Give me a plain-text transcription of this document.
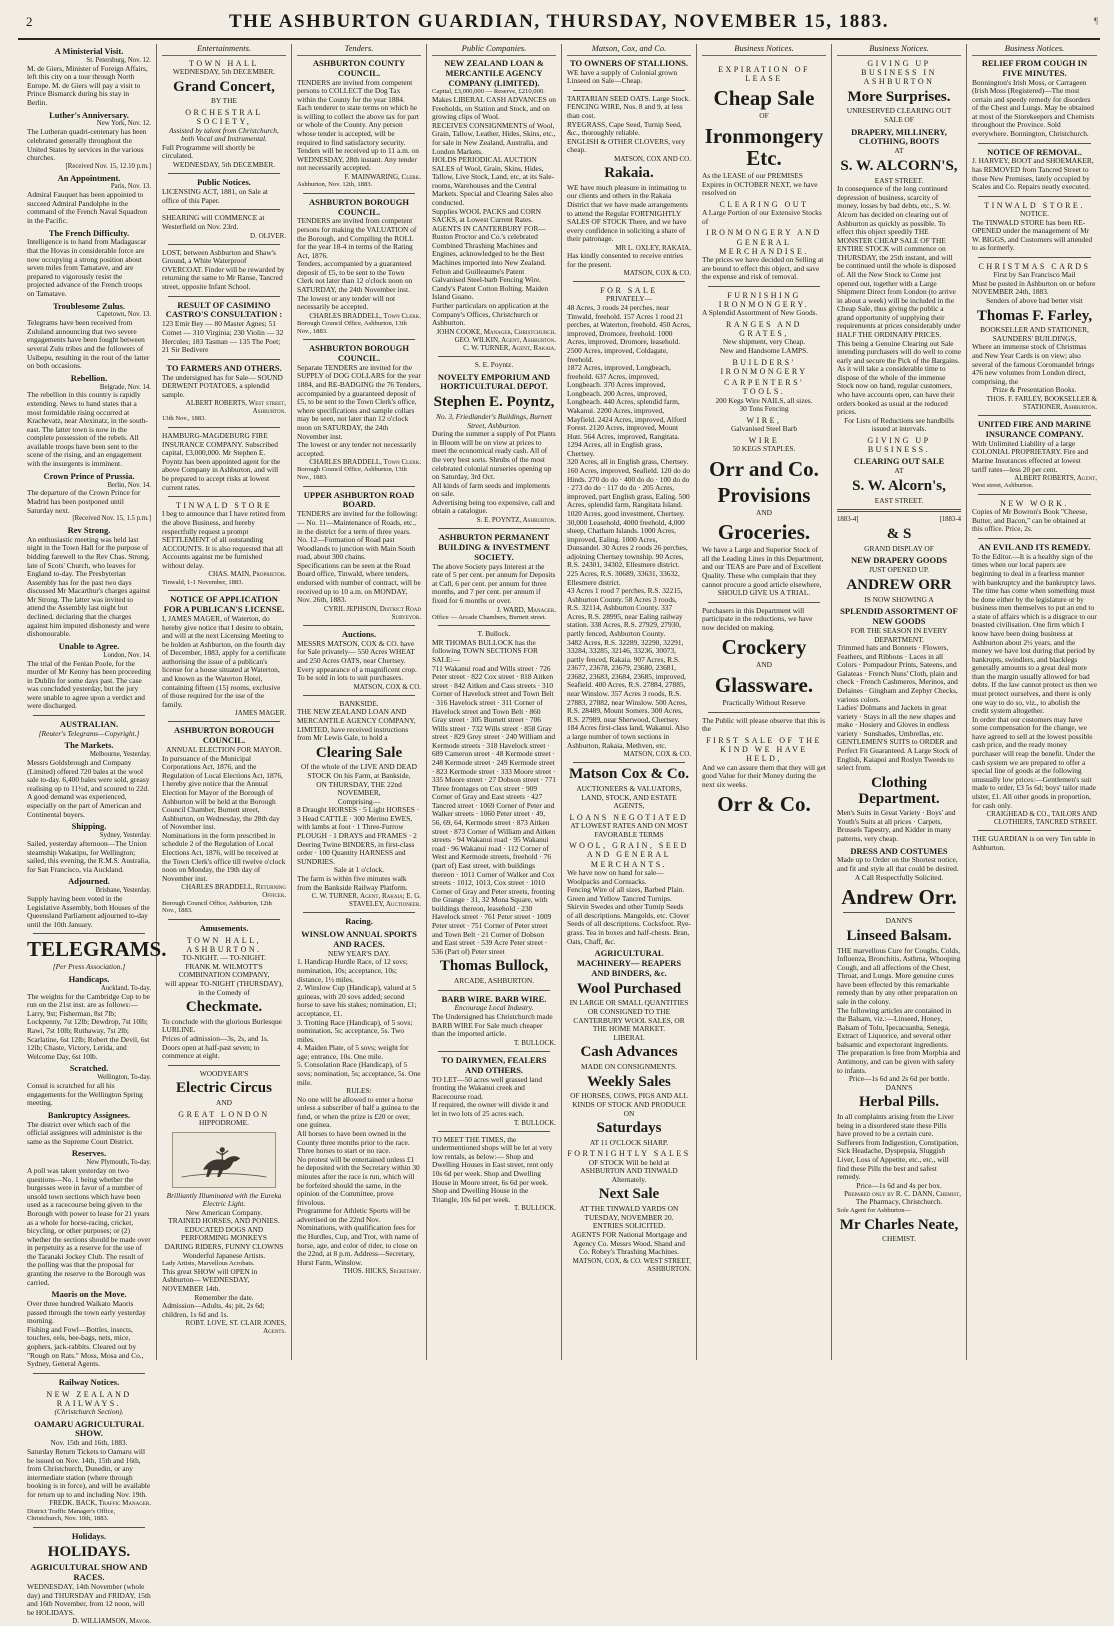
2	THE ASHBURTON GUARDIAN, THURSDAY, NOVEMBER 15, 1883.	¶
A Ministerial Visit.
St. Petersburg, Nov. 12.
M. de Giers, Minister of Foreign Affairs, left this city on a tour through North Europe. M. de Giers will pay a visit to Prince Bismarck during his stay in Berlin.
Luther's Anniversary.
New York, Nov. 12.
The Lutheran quadri-centenary has been celebrated generally throughout the United States by services in the various churches.
[Received Nov. 15, 12.10 p.m.]
An Appointment.
Paris, Nov. 13.
Admiral Fauquet has been appointed to succeed Admiral Pandolphe in the command of the French Naval Squadron in the Pacific.
The French Difficulty.
Intelligence is to hand from Madagascar that the Hovas in considerable force are now occupying a strong position about seven miles from Tamatave, and are prepared to vigorously resist the projected advance of the French troops on Tamatave.
Troublesome Zulus.
Capetown, Nov. 13.
Telegrams have been received from Zululand announcing that two severe engagements have been fought between several Zulu tribes and the followers of Usibepu, resulting in the rout of the latter on both occasions.
Rebellion.
Belgrade, Nov. 14.
The rebellion in this country is rapidly extending. News to hand states that a most formidable rising occurred at Krachevatz, near Alexinatz, in the south-east. The latter town is now in the complete possession of the rebels. All available troops have been sent to the scene of the rising, and an engagement with the insurgents is imminent.
Crown Prince of Prussia.
Berlin, Nov. 14.
The departure of the Crown Prince for Madrid has been postponed until Saturday next.
[Received Nov. 15, 1.5 p.m.]
Rev Strong.
An enthusiastic meeting was held last night in the Town Hall for the purpose of bidding farewell to the Rev Chas. Strong, late of Scots' Church, who leaves for England to-day. The Presbyterian Assembly has for the past two days discussed Mr Macarthur's charges against Mr Strong. The latter was invited to attend the Assembly last night but declined, declaring that the charges against him imputed dishonesty and were dishonourable.
Unable to Agree.
London, Nov. 14.
The trial of the Fenian Poole, for the murder of Mr Kenny has been proceeding in Dublin for some days past. The case was concluded yesterday, but the jury were unable to agree upon a verdict and were discharged.
AUSTRALIAN.
[Reuter's Telegrams—Copyright.]
The Markets.
Melbourne, Yesterday.
Messrs Goldsbrough and Company (Limited) offered 720 bales at the wool sale to-day. 6,400 bales were sold, greasy realising up to 11½d, and scoured to 22d. A good demand was experienced, especially on the part of American and Continental buyers.
Shipping.
Sydney, Yesterday.
Sailed, yesterday afternoon—The Union steamship Wakatipu, for Wellington; sailed, this evening, the R.M.S. Australia, for San Francisco, via Auckland.
Adjourned.
Brisbane, Yesterday.
Supply having been voted in the Legislative Assembly, both Houses of the Queensland Parliament adjourned to-day until the 10th January.
TELEGRAMS.
[Per Press Association.]
Handicaps.
Auckland, To-day.
The weights for the Cambridge Cup to be run on the 21st inst. are as follows:— Larry, 9st; Fisherman, 8st 7lb; Lockpenny, 7st 12lb; Dewdrop, 7st 10lb; Rawi, 7st 10lb; Ruthaway, 7st 2lb; Scarlatine, 6st 12lb; Robert the Devil, 6st 12lb; Chaste, Victory, Lerida, and Welcome Day, 6st 10lb.
Scratched.
Wellington, To-day.
Consul is scratched for all his engagements for the Wellington Spring meeting.
Bankruptcy Assignees.
The district over which each of the official assignees will administer is the same as the Supreme Court District.
Reserves.
New Plymouth, To-day.
A poll was taken yesterday on two questions—No. 1 being whether the burgesses were in favor of a number of unsold town sections which have been used as a racecourse being given to the Borough with power to lease for 21 years as a whole for horse-racing, cricket, bicycling, or other purposes; or (2) whether the sections should be made over in perpetuity as a reserve for the use of the Taranaki Jockey Club. The result of the polling was that the proposal for granting the reserve to the Borough was carried.
Maoris on the Move.
Over three hundred Waikato Maoris passed through the town early yesterday morning.
Fishing and Fowl—Bottles, insects, touches, eels, bee-bags, nets, mice, gophers, jack-rabbits. Cleared out by "Rough on Rats." Moss, Mosa and Co., Sydney, General Agents.
Railway Notices.
NEW ZEALAND RAILWAYS.
(Christchurch Section).
OAMARU AGRICULTURAL SHOW.
Nov. 15th and 16th, 1883.
Saturday Return Tickets to Oamaru will be issued on Nov. 14th, 15th and 16th, from Christchurch, Dunedin, or any intermediate station (where through booking is in force), and will be available for return up to and including Nov. 19th.
FREDK. BACK, Traffic Manager.
District Traffic Manager's Office, Christchurch, Nov. 10th, 1883.
Holidays.
HOLIDAYS.
AGRICULTURAL SHOW AND RACES.
WEDNESDAY, 14th November (whole day) and THURSDAY and FRIDAY, 15th and 16th November, from 12 noon, will be HOLIDAYS.
D. WILLIAMSON, Mayor.
Entertainments.
TOWN HALL
WEDNESDAY, 5th DECEMBER.
Grand Concert,
BY THE
ORCHESTRAL SOCIETY,
Assisted by talent from Christchurch, both Vocal and Instrumental.
Full Programme will shortly be circulated.
WEDNESDAY, 5th DECEMBER.
Public Notices.
LICENSING ACT, 1881, on Sale at office of this Paper.
SHEARING will COMMENCE at Westerfield on Nov. 23rd.
D. OLIVER.
LOST, between Ashburton and Shaw's Ground, a White Waterproof OVERCOAT. Finder will be rewarded by returning the same to Mr Ranse, Tancred street, opposite Infant School.
RESULT OF CASIMINO CASTRO'S CONSULTATION :
123 Emir Bey — 80 Master Agnes; 51 Comet — 310 Virginia; 230 Violin — 32 Hercules; 183 Tasman — 135 The Poet; 21 Sir Bedivere
TO FARMERS AND OTHERS.
The undersigned has for Sale— SOUND DERWENT POTATOES, a splendid sample.
ALBERT ROBERTS, West street, Ashburton.
13th Nov., 1883.
HAMBURG-MAGDEBURG FIRE INSURANCE COMPANY. Subscribed capital, £3,000,000. Mr Stephen E. Poyntz has been appointed agent for the above Company in Ashburton, and will be prepared to accept risks at lowest current rates.
TINWALD STORE
I beg to announce that I have retired from the above Business, and hereby respectfully request a prompt SETTLEMENT of all outstanding ACCOUNTS. It is also requested that all Accounts against me be furnished without delay.
CHAS. MAIN, Proprietor.
Tinwald, 1-1 November, 1883.
NOTICE OF APPLICATION FOR A PUBLICAN'S LICENSE.
I, JAMES MAGER, of Waterton, do hereby give notice that I desire to obtain, and will at the next Licensing Meeting to be holden at Ashburton, on the fourth day of December, 1883, apply for a certificate authorising the issue of a publican's license for a house situated at Waterton, and known as the Waterton Hotel, containing fifteen (15) rooms, exclusive of those required for the use of the family.
JAMES MAGER.
ASHBURTON BOROUGH COUNCIL.
ANNUAL ELECTION FOR MAYOR.
In pursuance of the Municipal Corporations Act, 1876, and the Regulation of Local Elections Act, 1876, I hereby give notice that the Annual Election for Mayor of the Borough of Ashburton will be held at the Borough Council Chamber, Burnett street, Ashburton, on Wednesday, the 28th day of November inst.
Nominations in the form prescribed in schedule 2 of the Regulation of Local Elections Act, 1876, will be received at the Town Clerk's office till twelve o'clock noon on Monday, the 19th day of November inst.
CHARLES BRADDELL, Returning Officer.
Borough Council Office, Ashburton, 12th Nov., 1883.
Amusements.
TOWN HALL, ASHBURTON.
TO-NIGHT. — TO-NIGHT.
FRANK M. WILMOTT'S COMBINATION COMPANY,
will appear TO-NIGHT (THURSDAY), in the Comedy of
Checkmate.
To conclude with the glorious Burlesque LURLINE.
Prices of admission—3s, 2s, and 1s.
Doors open at half-past seven; to commence at eight.
WOODYEAR'S
Electric Circus
AND
GREAT LONDON
HIPPODROME.
Brilliantly Illuminated with the Eureka Electric Light.
New American Company.
TRAINED HORSES, AND PONIES.
EDUCATED DOGS AND PERFORMING MONKEYS
DARING RIDERS, FUNNY CLOWNS
Wonderful Japanese Artists.
Lady Artists, Marvellous Acrobats.
This great SHOW will OPEN in Ashburton— WEDNESDAY, NOVEMBER 14th.
Remember the date.
Admission—Adults, 4s; pit, 2s 6d; children, 1s 6d and 1s.
ROBT. LOVE, ST. CLAIR JONES, Agents.
Tenders.
ASHBURTON COUNTY COUNCIL.
TENDERS are invited from competent persons to COLLECT the Dog Tax within the County for the year 1884. Each tenderer to state terms on which he is willing to collect the above tax for part or whole of the County. Any person whose tender is accepted, will be required to find satisfactory security.
Tenders will be received up to 11 a.m. on WEDNESDAY, 28th instant. Any tender not necessarily accepted.
F. MAINWARING, Clerk.
Ashburton, Nov. 12th, 1883.
ASHBURTON BOROUGH COUNCIL.
TENDERS are invited from competent persons for making the VALUATION of the Borough, and Compiling the ROLL for the year 18-4 in terms of the Rating Act, 1876.
Tenders, accompanied by a guaranteed deposit of £5, to be sent to the Town Clerk not later than 12 o'clock noon on SATURDAY, the 24th November inst.
The lowest or any tender will not necessarily be accepted.
CHARLES BRADDELL, Town Clerk.
Borough Council Office, Ashburton, 13th Nov., 1883.
ASHBURTON BOROUGH COUNCIL.
Separate TENDERS are invited for the SUPPLY of DOG COLLARS for the year 1884, and RE-BADGING the 76 Tenders, accompanied by a guaranteed deposit of £5, to be sent to the Town Clerk's office, where specifications and sample collars may be seen, not later than 12 o'clock noon on SATURDAY, the 24th November inst.
The lowest or any tender not necessarily accepted.
CHARLES BRADDELL, Town Clerk.
Borough Council Office, Ashburton, 13th Nov., 1883.
UPPER ASHBURTON ROAD BOARD.
TENDERS are invited for the following:— No. 11—Maintenance of Roads, etc., in the district for a term of three years.
No. 12—Formation of Road past Woodlands to junction with Main South road, about 300 chains.
Specifications can be seen at the Road Board office, Tinwald, where tenders, endorsed with number of contract, will be received up to 10 a.m. on MONDAY, Nov. 26th, 1883.
CYRIL JEPHSON, District Road Surveyor.
Auctions.
MESSRS MATSON, COX & CO. have for Sale privately— 550 Acres WHEAT and 250 Acres OATS, near Chertsey.
Every appearance of a magnificent crop.
To be sold in lots to suit purchasers.
MATSON, COX & CO.
BANKSIDE.
THE NEW ZEALAND LOAN AND MERCANTILE AGENCY COMPANY, LIMITED, have received instructions from Mr Lewis Gale, to hold a
Clearing Sale
Of the whole of the LIVE AND DEAD STOCK On his Farm, at Bankside,
ON THURSDAY, THE 22nd NOVEMBER,
Comprising—
8 Draught HORSES · 5 Light HORSES · 3 Head CATTLE · 300 Merino EWES, with lambs at foot · 1 Three-Furrow PLOUGH · 1 DRAYS and FRAMES · 2 Deering Twine BINDERS, in first-class order · 100 Quantity HARNESS and SUNDRIES.
Sale at 1 o'clock.
The farm is within five minutes walk from the Bankside Railway Platform.
C. W. TURNER, Agent, Rakaia; E. G. STAVELEY, Auctioneer.
Racing.
WINSLOW ANNUAL SPORTS AND RACES.
NEW YEAR'S DAY.
1. Handicap Hurdle Race, of 12 sovs; nomination, 10s; acceptance, 10s; distance, 1½ miles.
2. Winslow Cup (Handicap), valued at 5 guineas, with 20 sovs added; second horse to save his stakes; nomination, £1; acceptance, £1.
3. Trotting Race (Handicap), of 5 sovs; nomination, 5s; acceptance, 5s. Two miles.
4. Maiden Plate, of 5 sovs; weight for age; entrance, 10s. One mile.
5. Consolation Race (Handicap), of 5 sovs; nomination, 5s; acceptance, 5s. One mile.
RULES:
No one will be allowed to enter a horse unless a subscriber of half a guinea to the fund, or when the prize is £20 or over, one guinea.
All horses to have been owned in the County three months prior to the race. Three horses to start or no race.
No protest will be entertained unless £1 be deposited with the Secretary within 30 minutes after the race is run, which will be forfeited should the same, in the opinion of the Committee, prove frivolous.
Programme for Athletic Sports will be advertised on the 22nd Nov.
Nominations, with qualification fees for the Hurdles, Cup, and Trot, with name of horse, age, and color of rider, to close on the 22nd, at 8 p.m. Address—Secretary, Hurst Farm, Winslow.
THOS. HICKS, Secretary.
Public Companies.
NEW ZEALAND LOAN & MERCANTILE AGENCY COMPANY (LIMITED).
Capital, £3,000,000 — Reserve, £210,000.
Makes LIBERAL CASH ADVANCES on Freeholds, on Station and Stock, and on growing clips of Wool.
RECEIVES CONSIGNMENTS of Wool, Grain, Tallow, Leather, Hides, Skins, etc., for sale in New Zealand, Australia, and London Markets.
HOLDS PERIODICAL AUCTION SALES of Wool, Grain, Skins, Hides, Tallow, Live Stock, Land, etc, at its Sale-rooms, Warehouses and the Central Markets. Special and Clearing Sales also conducted.
Supplies WOOL PACKS and CORN SACKS, at Lowest Current Rates.
AGENTS IN CANTERBURY FOR— Ruston Proctor and Co.'s celebrated Combined Thrashing Machines and Engines, acknowledged to be the Best Machines imported into New Zealand.
Felton and Guilleaume's Patent Galvanised Steel-barb Fencing Wire.
Candy's Patent Cotton Bolting. Maiden Island Guano.
Further particulars on application at the Company's Offices, Christchurch or Ashburton.
JOHN COOKE, Manager, Christchurch.
GEO. WILKIN, Agent, Ashburton.
C. W. TURNER, Agent, Rakaia.
S. E. Poyntz.
NOVELTY EMPORIUM AND HORTICULTURAL DEPOT.
Stephen E. Poyntz,
No. 3, Friedlander's Buildings, Burnett Street, Ashburton.
During the summer a supply of Pot Plants in Bloom will be on view at prices to meet the economical ready cash. All of the very best sorts. Shrubs of the most celebrated colonial nurseries opening up on Saturday, 3rd Oct.
All kinds of farm seeds and implements on sale.
Advertising being too expensive, call and obtain a catalogue.
S. E. POYNTZ, Ashburton.
ASHBURTON PERMANENT BUILDING & INVESTMENT SOCIETY.
The above Society pays Interest at the rate of 5 per cent. per annum for Deposits at Call, 6 per cent. per annum for three months, and 7 per cent. per annum if fixed for 6 months or over.
J. WARD, Manager.
Office — Arcade Chambers, Burnett street.
T. Bullock.
MR THOMAS BULLOCK has the following TOWN SECTIONS FOR SALE:—
711 Wakanui road and Wills street · 726 Peter street · 822 Cox street · 818 Aitken street · 842 Aitken and Cass streets · 310 Corner of Havelock street and Town Belt · 316 Havelock street · 311 Corner of Havelock street and Town Belt · 860 Gray street · 305 Burnett street · 706 Wills street · 732 Wills street · 858 Gray street · 829 Grey street · 240 William and Kermode streets · 318 Havelock street · 689 Cameron street · 48 Kermode street · 248 Kermode street · 249 Kermode street · 823 Kermode street · 333 Moore street · 335 Moore street · 27 Dobson street · 771 Three frontages on Cox street · 909 Corner of Gray and East streets · 427 Tancred street · 1069 Corner of Peter and Walker streets · 1060 Peter street · 49, 56, 69, 64, Kermode street · 873 Aitken street · 873 Corner of William and Aitken streets · 94 Wakanui road · 95 Wakanui road · 96 Wakanui road · 112 Corner of West and Kermode streets, freehold · 76 (part of) East street, with buildings thereon · 1011 Corner of Walker and Cox streets · 1012, 1013, Cox street · 1010 Corner of Gray and Peter streets, fronting the Grange · 31, 32 Mona Square, with buildings thereon, leasehold · 230 Havelock street · 761 Peter street · 1009 Peter street · 751 Corner of Peter street and Town Belt · 21 Corner of Dobson and East street · 539 Acre Peter street · 536 (Part of) Peter street
Thomas Bullock,
ARCADE, ASHBURTON.
BARB WIRE. BARB WIRE.
Encourage Local Industry.
The Undersigned has Christchurch made BARB WIRE For Sale much cheaper than the imported article.
T. BULLOCK.
TO DAIRYMEN, FEALERS AND OTHERS.
TO LET—50 acres well grassed land fronting the Wakanui creek and Racecourse road.
If required, the owner will divide it and let in two lots of 25 acres each.
T. BULLOCK.
TO MEET THE TIMES, the undermentioned shops will be let at very low rentals, as below:— Shop and Dwelling Houses in East street, rent only 10s 6d per week. Shop and Dwelling House in Moore street, 6s 6d per week. Shop and Dwelling House in the Triangle, 10s 6d per week.
T. BULLOCK.
Matson, Cox, and Co.
TO OWNERS OF STALLIONS.
WE have a supply of Colonial grown Linseed on Sale—Cheap.
TARTARIAN SEED OATS. Large Stock.
FENCING WIRE, Nos. 8 and 9, at less than cost.
RYEGRASS, Cape Seed, Turnip Seed, &c., thoroughly reliable.
ENGLISH & OTHER CLOVERS, very cheap.
MATSON, COX AND CO.
Rakaia.
WE have much pleasure in intimating to our clients and others in the Rakaia District that we have made arrangements to attend the Regular FORTNIGHTLY SALES OF STOCK There, and we have every confidence in soliciting a share of their patronage.
MR L. OXLEY, RAKAIA,
Has kindly consented to receive entries for the present.
MATSON, COX & CO.
FOR SALE
PRIVATELY—
48 Acres, 3 roods 24 perches, near Tinwald, freehold. 157 Acres 1 rood 21 perches, at Waterton, freehold. 450 Acres, improved, Dromore, freehold. 1000 Acres, improved, Dromore, leasehold. 2500 Acres, improved, Coldagate, freehold.
1872 Acres, improved, Longbeach, freehold. 637 Acres, improved, Longbeach. 370 Acres improved, Longbeach. 200 Acres, improved, Longbeach. 440 Acres, splendid farm, Wakanui. 2200 Acres, improved, Mayfield. 2424 Acres, improved, Alford Forest. 2120 Acres, improved, Mount Hutt. 564 Acres, improved, Rangitata. 1294 Acres, all in English grass, Chertsey.
320 Acres, all in English grass, Chertsey. 160 Acres, improved, Seafield. 120 do do Hinds. 270 do do · 400 do do · 100 do do · 273 do do · 117 do do · 205 Acres, improved, part English grass, Ealing. 500 Acres, splendid farm, Rangitata Island. 1020 Acres, good investment, Chertsey.
30,000 Leasehold, 4000 freehold, 4,000 sheep, Chatham Islands. 1000 Acres, improved, Ealing. 1000 Acres, Dunsandel. 30 Acres 2 roods 26 perches, adjoining Chertsey township. 90 Acres, R.S. 24301, 34302, Ellesmere district. 225 Acres, R.S. 30689, 33631, 33632, Ellesmere district.
43 Acres 1 rood 7 perches, R.S. 32215, Ashburton County. 58 Acres 3 roods, R.S. 32114, Ashburton County. 337 Acres, R.S. 28995, near Ealing railway station. 338 Acres, R.S. 27929, 27930, partly fenced, Ashburton County.
3482 Acres, R.S. 32289, 32290, 32291, 33284, 33285, 32146, 33236, 30073, partly fenced, Rakaia. 907 Acres, R.S. 23677, 23678, 23679, 23680, 23681, 23682, 23683, 23684, 23685, improved, Seafield. 400 Acres, R.S. 27884, 27885, near Winslow. 357 Acres 3 roods, R.S. 27883, 27882, near Winslow. 500 Acres, R.S. 28489, Mount Somers. 300 Acres, R.S. 27989, near Sherwood, Chertsey.
184 Acres first-class land, Wakanui. Also a large number of town sections in Ashburton, Rakaia, Methven, etc.
MATSON, COX & CO.
Matson Cox & Co.
AUCTIONEERS & VALUATORS, LAND, STOCK, AND ESTATE AGENTS,
LOANS NEGOTIATED
AT LOWEST RATES AND ON MOST FAVORABLE TERMS
WOOL, GRAIN, SEED AND GENERAL MERCHANTS.
We have now on hand for sale— Woolpacks and Cornsacks.
Fencing Wire of all sizes, Barbed Plain. Green and Yellow Tancred Turnips. Skirvin Swedes and other Turnip Seeds of all descriptions. Mangolds, etc. Clover Seeds of all descriptions. Cocksfoot. Rye-grass. Tea in boxes and half-chests. Bran, Oats, Chaff, &c.
AGRICULTURAL MACHINERY— REAPERS AND BINDERS, &c.
Wool Purchased
IN LARGE OR SMALL QUANTITIES OR CONSIGNED TO THE CANTERBURY WOOL SALES, OR THE HOME MARKET.
LIBERAL
Cash Advances
MADE ON CONSIGNMENTS.
Weekly Sales
OF HORSES, COWS, PIGS AND ALL KINDS OF STOCK AND PRODUCE ON
Saturdays
AT 11 O'CLOCK SHARP.
FORTNIGHTLY SALES
OF STOCK Will be held at ASHBURTON AND TINWALD Alternately.
Next Sale
AT THE TINWALD YARDS ON TUESDAY, NOVEMBER 20.
ENTRIES SOLICITED.
AGENTS FOR National Mortgage and Agency Co. Messrs Wood, Shand and Co. Robey's Thrashing Machines.
MATSON, COX, & CO. WEST STREET, ASHBURTON.
Business Notices.
EXPIRATION OF LEASE
Cheap Sale
OF
Ironmongery Etc.
As the LEASE of our PREMISES Expires in OCTOBER NEXT, we have resolved on
CLEARING OUT
A Large Portion of our Extensive Stocks of
IRONMONGERY AND GENERAL MERCHANDISE.
The prices we have decided on Selling at are bound to effect this object, and save the expense and risk of removal.
FURNISHING IRONMONGERY.
A Splendid Assortment of New Goods.
RANGES AND GRATES,
New shipment, very Cheap.
New and Handsome LAMPS.
BUILDERS' IRONMONGERY
CARPENTERS' TOOLS.
200 Kegs Wire NAILS, all sizes.
30 Tons Fencing
WIRE,
Galvanised Steel Barb
WIRE
50 KEGS STAPLES.
Orr and Co.
Provisions
AND
Groceries.
We have a Large and Superior Stock of all the Leading Lines in this Department, and our TEAS are Pure and of Excellent Quality. These who complain that they cannot procure a good article elsewhere,
SHOULD GIVE US A TRIAL.
Purchasers in this Department will participate in the reductions, we have now decided on making.
Crockery
AND
Glassware.
Practically Without Reserve
The Public will please observe that this is the
FIRST SALE OF THE KIND WE HAVE HELD,
And we can assure them that they will get good Value for their Money during the next six weeks.
Orr & Co.
Business Notices.
GIVING UP BUSINESS IN ASHBURTON
More Surprises.
UNRESERVED CLEARING OUT SALE OF
DRAPERY, MILLINERY, CLOTHING, BOOTS
AT
S. W. ALCORN'S,
EAST STREET.
In consequence of the long continued depression of business, scarcity of money, losses by bad debts, etc., S. W. Alcorn has decided on clearing out of Ashburton as quickly as possible. To effect this object speedily THE MONSTER CHEAP SALE OF THE ENTIRE STOCK will commence on THURSDAY, the 25th instant, and will be continued until the whole is disposed of. All the New Stock to Come just opened out, together with a Large Shipment Direct from London (to arrive in about a week) will be included in the Cheap Sale, thus giving the public a grand opportunity of supplying their requirements at prices considerably under HALF THE ORDINARY PRICES.
This being a Genuine Clearing out Sale intending purchasers will do well to come early and secure the Pick of the Bargains.
As it will take a considerable time to dispose of the whole of the immense Stock now on hand, regular customers, who have accounts open, can have their orders booked as usual at the reduced prices.
For Lists of Reductions see handbills issued at intervals.
GIVING UP BUSINESS.
CLEARING OUT SALE
AT
S. W. Alcorn's,
EAST STREET.
1883-4]	[1883-4
& S
GRAND DISPLAY OF
NEW DRAPERY GOODS
JUST OPENED UP.
ANDREW ORR
IS NOW SHOWING A
SPLENDID ASSORTMENT OF NEW GOODS
FOR THE SEASON IN EVERY DEPARTMENT.
Trimmed hats and Bonnets · Flowers, Feathers, and Ribbons · Laces in all Colors · Pompadour Prints, Sateens, and Galateas · French Nuns' Cloth, plain and check · French Cashmeres, Merinos, and Delaines · Gingham and Zephyr Checks, various colors.
Ladies' Dolmans and Jackets in great variety · Stays in all the new shapes and make · Hosiery and Gloves in endless variety · Sunshades, Umbrellas, etc.
GENTLEMEN'S SUITS to ORDER and Perfect Fit Guaranteed. A Large Stock of English, Kaiapoi and Roslyn Tweeds to select from.
Clothing Department.
Men's Suits in Great Variety · Boys' and Youth's Suits at all prices · Carpets, Brussels Tapestry, and Kidder in many patterns, very cheap.
DRESS AND COSTUMES
Made up to Order on the Shortest notice, and fit and style all that could be desired.
A Call Respectfully Solicited.
Andrew Orr.
DANN'S
Linseed Balsam.
THE marvellous Cure for Coughs, Colds, Influenza, Bronchitis, Asthma, Whooping Cough, and all affections of the Chest, Throat, and Lungs. More genuine cures have been effected by this remarkable remedy than by any other preparation on sale in the colony.
The following articles are contained in the Balsam, viz.:—Linseed, Honey, Balsam of Tolu, Ipecacuanha, Senega, Extract of Liquorice, and several other balsamic and expectorant ingredients. The preparation is free from Morphia and Antimony, and can be given with safety to infants.
Price—1s 6d and 2s 6d per bottle.
DANN'S
Herbal Pills.
In all complaints arising from the Liver being in a disordered state these Pills have proved to be a certain cure. Sufferers from Indigestion, Constipation, Sick Headache, Dyspepsia, Sluggish Liver, Loss of Appetite, etc., etc., will find these Pills the best and safest remedy.
Price—1s 6d and 4s per box.
Prepared only by R. C. DANN, Chemist,
The Pharmacy, Christchurch.
Sole Agent for Ashburton—
Mr Charles Neate,
CHEMIST.
Business Notices.
RELIEF FROM COUGH IN FIVE MINUTES.
Bonnington's Irish Moss, or Carrageen (Irish Moss (Registered)—The most certain and speedy remedy for disorders of the Chest and Lungs. May be obtained at most of the Storekeepers and Chemists throughout the Province. Sold everywhere. Bonnington, Christchurch.
NOTICE OF REMOVAL.
J. HARVEY, BOOT and SHOEMAKER, has REMOVED from Tancred Street to those New Premises, lately occupied by Scales and Co. Repairs neatly executed.
TINWALD STORE.
NOTICE.
The TINWALD STORE has been RE-OPENED under the management of Mr W. BIGGS, and Customers will attended to as formerly.
CHRISTMAS CARDS
First by San Francisco Mail
Must be posted in Ashburton on or before NOVEMBER 24th, 1883.
Senders of above had better visit
Thomas F. Farley,
BOOKSELLER AND STATIONER, SAUNDERS' BUILDINGS,
Where an immense stock of Christmas and New Year Cards is on view; also several of the famous Coromandel brings 476 new volumes from London direct, comprising, the
Prize & Presentation Books.
THOS. F. FARLEY, BOOKSELLER & STATIONER, Ashburton.
UNITED FIRE AND MARINE INSURANCE COMPANY.
With Unlimited Liability of a large COLONIAL PROPRIETARY. Fire and Marine Insurances effected at lowest tariff rates—less 20 per cent.
ALBERT ROBERTS, Agent,
West street, Ashburton.
NEW WORK.
Copies of Mr Bowron's Book "Cheese, Butter, and Bacon," can be obtained at this office. Price, 2s.
AN EVIL AND ITS REMEDY.
To the Editor.—It is a healthy sign of the times when our local papers are beginning to deal in a fearless manner with bankruptcy and the bankruptcy laws. The time has come when something must be done either by the legislature or by business men themselves to put an end to a state of affairs which is a disgrace to our boasted civilisation. One firm which I know have been doing business at Ashburton about 2½ years, and the money we have lost during that period by bankrupts, swindlers, and blacklegs generally amounts to a great deal more than the margin usually allowed for bad debts. If the law cannot protect us then we must protect ourselves, and there is only one way to do so, viz., to abolish the credit system altogether.
In order that our customers may have some compensation for the change, we have agreed to sell at the lowest possible cash price, and the ready money purchaser will reap the benefit. Under the cash system we are prepared to offer a special line of goods at the following unusually low prices:—Gentlemen's suit made to order, £3 5s 6d; boys' tailor made ulster, £1. All other goods in proportion, for cash only.
CRAIGHEAD & CO., TAILORS AND CLOTHIERS, TANCRED STREET.
THE GUARDIAN is on very Ten table in Ashburton.
